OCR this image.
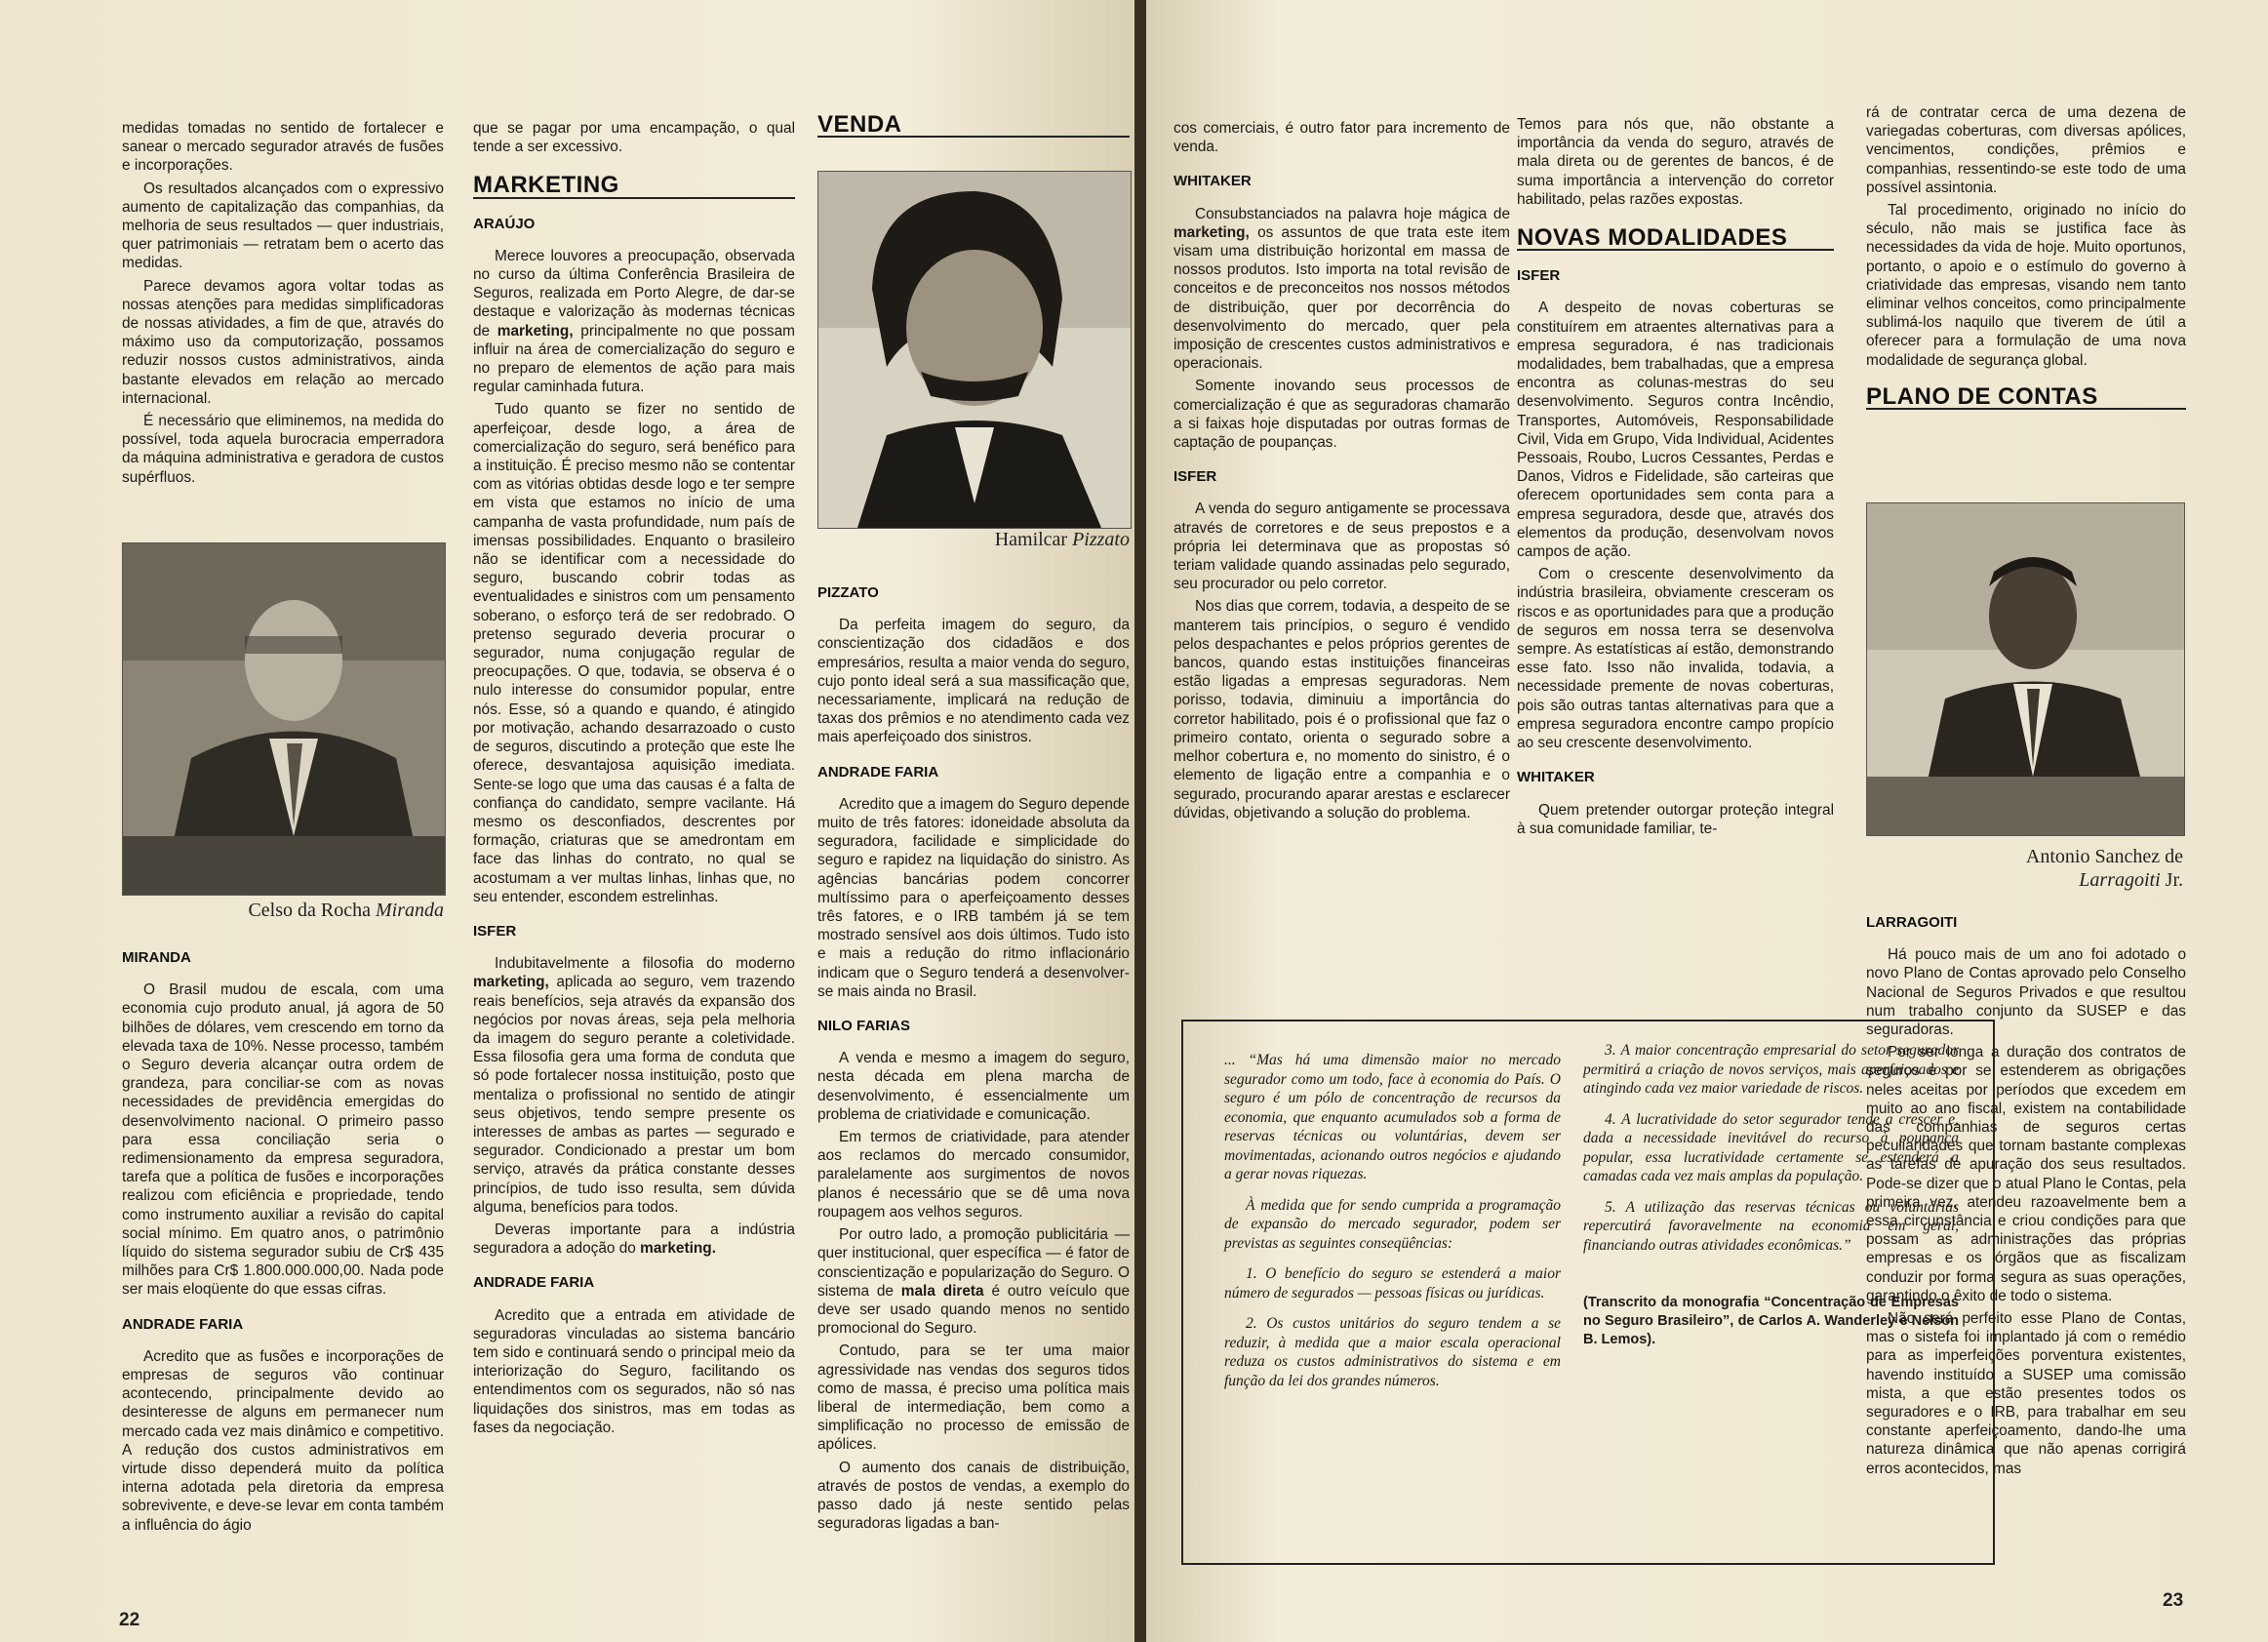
medidas tomadas no sentido de fortalecer e sanear o mercado segurador através de fusões e incorporações.

Os resultados alcançados com o expressivo aumento de capitalização das companhias, da melhoria de seus resultados — quer industriais, quer patrimoniais — retratam bem o acerto das medidas.

Parece devamos agora voltar todas as nossas atenções para medidas simplificadoras de nossas atividades, a fim de que, através do máximo uso da computorização, possamos reduzir nossos custos administrativos, ainda bastante elevados em relação ao mercado internacional.

É necessário que eliminemos, na medida do possível, toda aquela burocracia emperradora da máquina administrativa e geradora de custos supérfluos.

Celso da Rocha Miranda
MIRANDA

O Brasil mudou de escala, com uma economia cujo produto anual, já agora de 50 bilhões de dólares, vem crescendo em torno da elevada taxa de 10%. Nesse processo, também o Seguro deveria alcançar outra ordem de grandeza, para conciliar-se com as novas necessidades de previdência emergidas do desenvolvimento nacional. O primeiro passo para essa conciliação seria o redimensionamento da empresa seguradora, tarefa que a política de fusões e incorporações realizou com eficiência e propriedade, tendo como instrumento auxiliar a revisão do capital social mínimo. Em quatro anos, o patrimônio líquido do sistema segurador subiu de Cr$ 435 milhões para Cr$ 1.800.000.000,00. Nada pode ser mais eloqüente do que essas cifras.

ANDRADE FARIA

Acredito que as fusões e incorporações de empresas de seguros vão continuar acontecendo, principalmente devido ao desinteresse de alguns em permanecer num mercado cada vez mais dinâmico e competitivo. A redução dos custos administrativos em virtude disso dependerá muito da política interna adotada pela diretoria da empresa sobrevivente, e deve-se levar em conta também a influência do ágio

que se pagar por uma encampação, o qual tende a ser excessivo.

MARKETING
ARAÚJO

Merece louvores a preocupação, observada no curso da última Conferência Brasileira de Seguros, realizada em Porto Alegre, de dar-se destaque e valorização às modernas técnicas de marketing, principalmente no que possam influir na área de comercialização do seguro e no preparo de elementos de ação para mais regular caminhada futura.

Tudo quanto se fizer no sentido de aperfeiçoar, desde logo, a área de comercialização do seguro, será benéfico para a instituição. É preciso mesmo não se contentar com as vitórias obtidas desde logo e ter sempre em vista que estamos no início de uma campanha de vasta profundidade, num país de imensas possibilidades. Enquanto o brasileiro não se identificar com a necessidade do seguro, buscando cobrir todas as eventualidades e sinistros com um pensamento soberano, o esforço terá de ser redobrado. O pretenso segurado deveria procurar o segurador, numa conjugação regular de preocupações. O que, todavia, se observa é o nulo interesse do consumidor popular, entre nós. Esse, só a quando e quando, é atingido por motivação, achando desarrazoado o custo de seguros, discutindo a proteção que este lhe oferece, desvantajosa aquisição imediata. Sente-se logo que uma das causas é a falta de confiança do candidato, sempre vacilante. Há mesmo os desconfiados, descrentes por formação, criaturas que se amedrontam em face das linhas do contrato, no qual se acostumam a ver multas linhas, linhas que, no seu entender, escondem estrelinhas.

ISFER

Indubitavelmente a filosofia do moderno marketing, aplicada ao seguro, vem trazendo reais benefícios, seja através da expansão dos negócios por novas áreas, seja pela melhoria da imagem do seguro perante a coletividade. Essa filosofia gera uma forma de conduta que só pode fortalecer nossa instituição, posto que mentaliza o profissional no sentido de atingir seus objetivos, tendo sempre presente os interesses de ambas as partes — segurado e segurador. Condicionado a prestar um bom serviço, através da prática constante desses princípios, de tudo isso resulta, sem dúvida alguma, benefícios para todos.

Deveras importante para a indústria seguradora a adoção do marketing.

ANDRADE FARIA

Acredito que a entrada em atividade de seguradoras vinculadas ao sistema bancário tem sido e continuará sendo o principal meio da interiorização do Seguro, facilitando os entendimentos com os segurados, não só nas liquidações dos sinistros, mas em todas as fases da negociação.

VENDA
Hamilcar Pizzato
PIZZATO

Da perfeita imagem do seguro, da conscientização dos cidadãos e dos empresários, resulta a maior venda do seguro, cujo ponto ideal será a sua massificação que, necessariamente, implicará na redução de taxas dos prêmios e no atendimento cada vez mais aperfeiçoado dos sinistros.

ANDRADE FARIA

Acredito que a imagem do Seguro depende muito de três fatores: idoneidade absoluta da seguradora, facilidade e simplicidade do seguro e rapidez na liquidação do sinistro. As agências bancárias podem concorrer multíssimo para o aperfeiçoamento desses três fatores, e o IRB também já se tem mostrado sensível aos dois últimos. Tudo isto e mais a redução do ritmo inflacionário indicam que o Seguro tenderá a desenvolver-se mais ainda no Brasil.

NILO FARIAS

A venda e mesmo a imagem do seguro, nesta década em plena marcha de desenvolvimento, é essencialmente um problema de criatividade e comunicação.

Em termos de criatividade, para atender aos reclamos do mercado consumidor, paralelamente aos surgimentos de novos planos é necessário que se dê uma nova roupagem aos velhos seguros.

Por outro lado, a promoção publicitária — quer institucional, quer específica — é fator de conscientização e popularização do Seguro. O sistema de mala direta é outro veículo que deve ser usado quando menos no sentido promocional do Seguro.

Contudo, para se ter uma maior agressividade nas vendas dos seguros tidos como de massa, é preciso uma política mais liberal de intermediação, bem como a simplificação no processo de emissão de apólices.

O aumento dos canais de distribuição, através de postos de vendas, a exemplo do passo dado já neste sentido pelas seguradoras ligadas a ban-

22

cos comerciais, é outro fator para incremento de venda.

WHITAKER

Consubstanciados na palavra hoje mágica de marketing, os assuntos de que trata este item visam uma distribuição horizontal em massa de nossos produtos. Isto importa na total revisão de conceitos e de preconceitos nos nossos métodos de distribuição, quer por decorrência do desenvolvimento do mercado, quer pela imposição de crescentes custos administrativos e operacionais.

Somente inovando seus processos de comercialização é que as seguradoras chamarão a si faixas hoje disputadas por outras formas de captação de poupanças.

ISFER

A venda do seguro antigamente se processava através de corretores e de seus prepostos e a própria lei determinava que as propostas só teriam validade quando assinadas pelo segurado, seu procurador ou pelo corretor.

Nos dias que correm, todavia, a despeito de se manterem tais princípios, o seguro é vendido pelos despachantes e pelos próprios gerentes de bancos, quando estas instituições financeiras estão ligadas a empresas seguradoras. Nem porisso, todavia, diminuiu a importância do corretor habilitado, pois é o profissional que faz o primeiro contato, orienta o segurado sobre a melhor cobertura e, no momento do sinistro, é o elemento de ligação entre a companhia e o segurado, procurando aparar arestas e esclarecer dúvidas, objetivando a solução do problema.

Temos para nós que, não obstante a importância da venda do seguro, através de mala direta ou de gerentes de bancos, é de suma importância a intervenção do corretor habilitado, pelas razões expostas.

NOVAS MODALIDADES
ISFER

A despeito de novas coberturas se constituírem em atraentes alternativas para a empresa seguradora, é nas tradicionais modalidades, bem trabalhadas, que a empresa encontra as colunas-mestras do seu desenvolvimento. Seguros contra Incêndio, Transportes, Automóveis, Responsabilidade Civil, Vida em Grupo, Vida Individual, Acidentes Pessoais, Roubo, Lucros Cessantes, Perdas e Danos, Vidros e Fidelidade, são carteiras que oferecem oportunidades sem conta para a empresa seguradora, desde que, através dos elementos da produção, desenvolvam novos campos de ação.

Com o crescente desenvolvimento da indústria brasileira, obviamente cresceram os riscos e as oportunidades para que a produção de seguros em nossa terra se desenvolva sempre. As estatísticas aí estão, demonstrando esse fato. Isso não invalida, todavia, a necessidade premente de novas coberturas, pois são outras tantas alternativas para que a empresa seguradora encontre campo propício ao seu crescente desenvolvimento.

WHITAKER

Quem pretender outorgar proteção integral à sua comunidade familiar, te-

rá de contratar cerca de uma dezena de variegadas coberturas, com diversas apólices, vencimentos, condições, prêmios e companhias, ressentindo-se este todo de uma possível assintonia.

Tal procedimento, originado no início do século, não mais se justifica face às necessidades da vida de hoje. Muito oportunos, portanto, o apoio e o estímulo do governo à criatividade das empresas, visando nem tanto eliminar velhos conceitos, como principalmente sublimá-los naquilo que tiverem de útil a oferecer para a formulação de uma nova modalidade de segurança global.

PLANO DE CONTAS
Antonio Sanchez de
Larragoiti Jr.
LARRAGOITI

Há pouco mais de um ano foi adotado o novo Plano de Contas aprovado pelo Conselho Nacional de Seguros Privados e que resultou num trabalho conjunto da SUSEP e das seguradoras.

Por ser longa a duração dos contratos de seguros e por se estenderem as obrigações neles aceitas por períodos que excedem em muito ao ano fiscal, existem na contabilidade das companhias de seguros certas peculiaridades que tornam bastante complexas as tarefas de apuração dos seus resultados. Pode-se dizer que o atual Plano le Contas, pela primeira vez, atendeu razoavelmente bem a essa circunstância e criou condições para que possam as administrações das próprias empresas e os órgãos que as fiscalizam conduzir por forma segura as suas operações, garantindo o êxito de todo o sistema.

Não será perfeito esse Plano de Contas, mas o sistefa foi implantado já com o remédio para as imperfeições porventura existentes, havendo instituído a SUSEP uma comissão mista, a que estão presentes todos os seguradores e o IRB, para trabalhar em seu constante aperfeiçoamento, dando-lhe uma natureza dinâmica que não apenas corrigirá erros acontecidos, mas

... “Mas há uma dimensão maior no mercado segurador como um todo, face à economia do País. O seguro é um pólo de concentração de recursos da economia, que enquanto acumulados sob a forma de reservas técnicas ou voluntárias, devem ser movimentadas, acionando outros negócios e ajudando a gerar novas riquezas.

À medida que for sendo cumprida a programação de expansão do mercado segurador, podem ser previstas as seguintes conseqüências:

1. O benefício do seguro se estenderá a maior número de segurados — pessoas físicas ou jurídicas.

2. Os custos unitários do seguro tendem a se reduzir, à medida que a maior escala operacional reduza os custos administrativos do sistema e em função da lei dos grandes números.

3. A maior concentração empresarial do setor segurador permitirá a criação de novos serviços, mais aperfeiçoados e atingindo cada vez maior variedade de riscos.

4. A lucratividade do setor segurador tende a crescer e, dada a necessidade inevitável do recurso à poupança popular, essa lucratividade certamente se estenderá a camadas cada vez mais amplas da população.

5. A utilização das reservas técnicas ou voluntárias repercutirá favoravelmente na economia em geral, financiando outras atividades econômicas.”

(Transcrito da monografia “Concentração de Empresas no Seguro Brasileiro”, de Carlos A. Wanderley e Nelson B. Lemos).
23
